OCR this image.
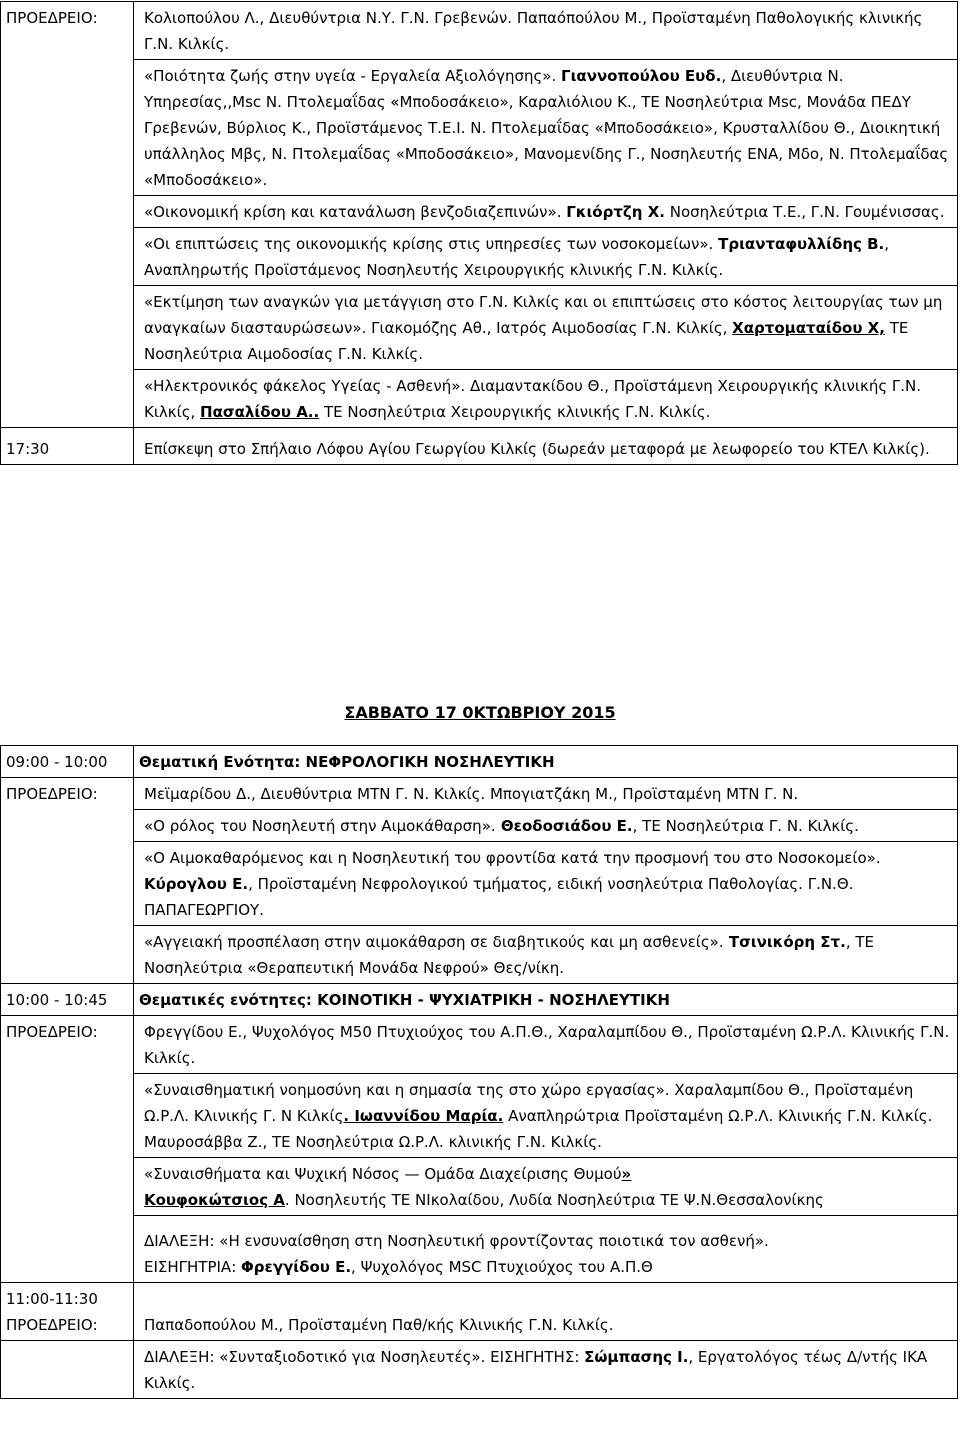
ΠΡΟΕΔΡΕΙΟ:	Κολιοπούλου Λ., Διευθύντρια Ν.Υ. Γ.Ν. Γρεβενών. Παπαόπούλου Μ., Προϊσταμένη Παθολογικής κλινικής Γ.Ν. Κιλκίς.
	«Ποιότητα ζωής στην υγεία - Εργαλεία Αξιολόγησης». Γιαννοπούλου Ευδ., Διευθύντρια Ν. Υπηρεσίας,,Msc Ν. Πτολεμαΐδας «Μποδοσάκειο», Καραλιόλιου Κ., ΤΕ Νοσηλεύτρια Msc, Μονάδα ΠΕΔΥ Γρεβενών, Βύρλιος Κ., Προϊστάμενος Τ.Ε.Ι. Ν. Πτολεμαΐδας «Μποδοσάκειο», Κρυσταλλίδου Θ., Διοικητική υπάλληλος Μβς, Ν. Πτολεμαΐδας «Μποδοσάκειο», Μανομενίδης Γ., Νοσηλευτής ΕΝΑ, Μδο, Ν. Πτολεμαΐδας «Μποδοσάκειο».
	«Οικονομική κρίση και κατανάλωση βενζοδιαζεπινών». Γκιόρτζη Χ. Νοσηλεύτρια Τ.Ε., Γ.Ν. Γουμένισσας.
	«Οι επιπτώσεις της οικονομικής κρίσης στις υπηρεσίες των νοσοκομείων». Τριανταφυλλίδης Β., Αναπληρωτής Προϊστάμενος Νοσηλευτής Χειρουργικής κλινικής Γ.Ν. Κιλκίς.
	«Εκτίμηση των αναγκών για μετάγγιση στο Γ.Ν. Κιλκίς και οι επιπτώσεις στο κόστος λειτουργίας των μη αναγκαίων διασταυρώσεων». Γιακομόζης Αθ., Ιατρός Αιμοδοσίας Γ.Ν. Κιλκίς, Χαρτοματαίδου Χ, ΤΕ Νοσηλεύτρια Αιμοδοσίας Γ.Ν. Κιλκίς.
	«Ηλεκτρονικός φάκελος Υγείας - Ασθενή». Διαμαντακίδου Θ., Προϊστάμενη Χειρουργικής κλινικής Γ.Ν. Κιλκίς, Πασαλίδου Α.. ΤΕ Νοσηλεύτρια Χειρουργικής κλινικής Γ.Ν. Κιλκίς.
17:30	Επίσκεψη στο Σπήλαιο Λόφου Αγίου Γεωργίου Κιλκίς (δωρεάν μεταφορά με λεωφορείο του ΚΤΕΛ Κιλκίς).
ΣΑΒΒΑΤΟ 17 0ΚΤΩΒΡΙΟΥ 2015
09:00 - 10:00	Θεματική Ενότητα: ΝΕΦΡΟΛΟΓΙΚΗ ΝΟΣΗΛΕΥΤΙΚΗ
ΠΡΟΕΔΡΕΙΟ:	Μεϊμαρίδου Δ., Διευθύντρια ΜΤΝ Γ. Ν. Κιλκίς. Μπογιατζάκη Μ., Προϊσταμένη ΜΤΝ Γ. Ν.
	«Ο ρόλος του Νοσηλευτή στην Αιμοκάθαρση». Θεοδοσιάδου Ε., ΤΕ Νοσηλεύτρια Γ. Ν. Κιλκίς.
	«Ο Αιμοκαθαρόμενος και η Νοσηλευτική του φροντίδα κατά την προσμονή του στο Νοσοκομείο». Κύρογλου Ε., Προϊσταμένη Νεφρολογικού τμήματος, ειδική νοσηλεύτρια Παθολογίας. Γ.Ν.Θ. ΠΑΠΑΓΕΩΡΓΙΟΥ.
	«Αγγειακή προσπέλαση στην αιμοκάθαρση σε διαβητικούς και μη ασθενείς». Τσινικόρη Στ., ΤΕ Νοσηλεύτρια «Θεραπευτική Μονάδα Νεφρού» Θες/νίκη.
10:00 - 10:45	Θεματικές ενότητες: ΚΟΙΝΟΤΙΚΗ - ΨΥΧΙΑΤΡΙΚΗ - ΝΟΣΗΛΕΥΤΙΚΗ
ΠΡΟΕΔΡΕΙΟ:	Φρεγγίδου Ε., Ψυχολόγος Μ50 Πτυχιούχος του Α.Π.Θ., Χαραλαμπίδου Θ., Προϊσταμένη Ω.Ρ.Λ. Κλινικής Γ.Ν. Κιλκίς.
	«Συναισθηματική νοημοσύνη και η σημασία της στο χώρο εργασίας». Χαραλαμπίδου Θ., Προϊσταμένη Ω.Ρ.Λ. Κλινικής Γ. Ν Κιλκίς. Ιωαννίδου Μαρία. Αναπληρώτρια Προϊσταμένη Ω.Ρ.Λ. Κλινικής Γ.Ν. Κιλκίς. Μαυροσάββα Ζ., ΤΕ Νοσηλεύτρια Ω.Ρ.Λ. κλινικής Γ.Ν. Κιλκίς.
	«Συναισθήματα και Ψυχική Νόσος — Ομάδα Διαχείρισης Θυμού»
Κουφοκώτσιος Α. Νοσηλευτής ΤΕ ΝΙκολαίδου, Λυδία Νοσηλεύτρια ΤΕ Ψ.Ν.Θεσσαλονίκης
	ΔΙΑΛΕΞΗ: «Η ενσυναίσθηση στη Νοσηλευτική φροντίζοντας ποιοτικά τον ασθενή».
ΕΙΣΗΓΗΤΡΙΑ: Φρεγγίδου Ε., Ψυχολόγος MSC Πτυχιούχος του Α.Π.Θ
11:00-11:30
ΠΡΟΕΔΡΕΙΟ:	Παπαδοπούλου Μ., Προϊσταμένη Παθ/κής Κλινικής Γ.Ν. Κιλκίς.
	ΔΙΑΛΕΞΗ: «Συνταξιοδοτικό για Νοσηλευτές». ΕΙΣΗΓΗΤΗΣ: Σώμπασης Ι., Εργατολόγος τέως Δ/ντής ΙΚΑ Κιλκίς.
